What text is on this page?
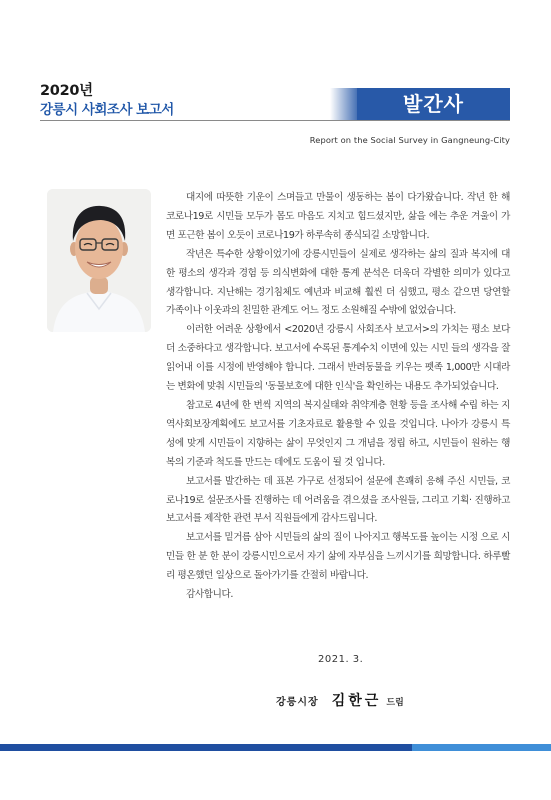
2020년
강릉시 사회조사 보고서	발간사
Report on the Social Survey in Gangneung-City

대지에 따뜻한 기운이 스며들고 만물이 생동하는 봄이 다가왔습니다. 작년 한 해 코로나19로 시민들 모두가 몸도 마음도 지치고 힘드셨지만, 삶을 에는 추운 겨울이 가면 포근한 봄이 오듯이 코로나19가 하루속히 종식되길 소망합니다.

작년은 특수한 상황이었기에 강릉시민들이 실제로 생각하는 삶의 질과 복지에 대한 평소의 생각과 경험 등 의식변화에 대한 통계 분석은 더욱더 각별한 의미가 있다고 생각합니다. 지난해는 경기침체도 예년과 비교해 훨씬 더 심했고, 평소 같으면 당연할 가족이나 이웃과의 친밀한 관계도 어느 정도 소원해질 수밖에 없었습니다.

이러한 어려운 상황에서 <2020년 강릉시 사회조사 보고서>의 가치는 평소 보다 더 소중하다고 생각합니다. 보고서에 수록된 통계수치 이면에 있는 시민 들의 생각을 잘 읽어내 이를 시정에 반영해야 합니다. 그래서 반려동물을 키우는 펫족 1,000만 시대라는 변화에 맞춰 시민들의 '동물보호에 대한 인식'을 확인하는 내용도 추가되었습니다.

참고로 4년에 한 번씩 지역의 복지실태와 취약계층 현황 등을 조사해 수립 하는 지역사회보장계획에도 보고서를 기초자료로 활용할 수 있을 것입니다. 나아가 강릉시 특성에 맞게 시민들이 지향하는 삶이 무엇인지 그 개념을 정립 하고, 시민들이 원하는 행복의 기준과 척도를 만드는 데에도 도움이 될 것 입니다.

보고서를 발간하는 데 표본 가구로 선정되어 설문에 흔쾌히 응해 주신 시민들, 코로나19로 설문조사를 진행하는 데 어려움을 겪으셨을 조사원들, 그리고 기획· 진행하고 보고서를 제작한 관련 부서 직원들에게 감사드립니다.

보고서를 밑거름 삼아 시민들의 삶의 질이 나아지고 행복도를 높이는 시정 으로 시민들 한 분 한 분이 강릉시민으로서 자기 삶에 자부심을 느끼시기를 희망합니다. 하루빨리 평온했던 일상으로 돌아가기를 간절히 바랍니다.

감사합니다.

2021. 3.
강릉시장 김한근 드림
